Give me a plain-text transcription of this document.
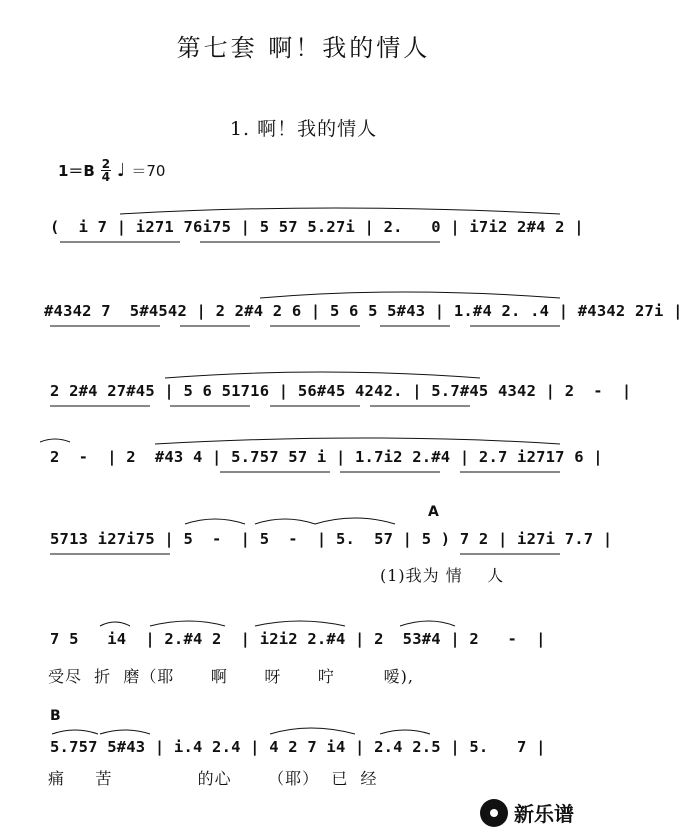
第七套 啊！我的情人
1. 啊！我的情人
$1=B \frac{2}{4}$ ♩ ＝70
(  i 7 | i271 76i75 | 5 57 5.27i | 2.   0 | i7i2 2#4 2 |
#4342 7  5#4542 | 2 2#4 2 6 | 5 6 5 5#43 | 1.#4 2. .4 | #4342 27i |
2 2#4 27#45 | 5 6 51716 | 56#45 4242. | 5.7#45 4342 | 2  -  |
2  -  | 2  #43 4 | 5.757 57 i | 1.7i2 2.#4 | 2.7 i2717 6 |
5713 i27i75 | 5  -  | 5  -  | 5.  57 | 5 ) 7 2 | i27i 7.7 |
A
(1)我为 情    人
7 5   i4  | 2.#4 2  | i2i2 2.#4 | 2  53#4 | 2   -  |
受尽  折  磨（耶      啊      呀      咛        嗳),
B
5.757 5#43 | i.4 2.4 | 4 2 7 i4 | 2.4 2.5 | 5.   7 |
痛     苦              的心      （耶）  已  经
新乐谱
